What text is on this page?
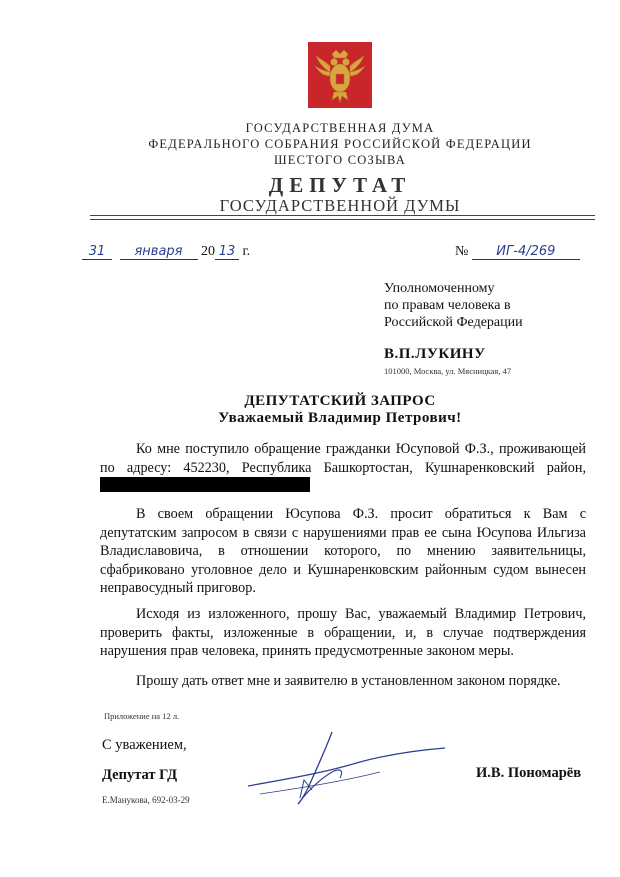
ГОСУДАРСТВЕННАЯ ДУМА
ФЕДЕРАЛЬНОГО СОБРАНИЯ РОССИЙСКОЙ ФЕДЕРАЦИИ
ШЕСТОГО СОЗЫВА
ДЕПУТАТ
ГОСУДАРСТВЕННОЙ ДУМЫ
31 января 20 13 г.	№ ИГ-4/269
Уполномоченному
по правам человека в
Российской Федерации
В.П.ЛУКИНУ
101000, Москва, ул. Мясницкая, 47
ДЕПУТАТСКИЙ ЗАПРОС
Уважаемый Владимир Петрович!
Ко мне поступило обращение гражданки Юсуповой Ф.З., проживающей по адресу: 452230, Республика Башкортостан, Кушнаренковский район,
В своем обращении Юсупова Ф.З. просит обратиться к Вам с депутатским запросом в связи с нарушениями прав ее сына Юсупова Ильгиза Владиславовича, в отношении которого, по мнению заявительницы, сфабриковано уголовное дело и Кушнаренковским районным судом вынесен неправосудный приговор.
Исходя из изложенного, прошу Вас, уважаемый Владимир Петрович, проверить факты, изложенные в обращении, и, в случае подтверждения нарушения прав человека, принять предусмотренные законом меры.
Прошу дать ответ мне и заявителю в установленном законом порядке.
Приложение на 12 л.
С уважением,
Депутат ГД	И.В. Пономарёв
Е.Манукова, 692-03-29
